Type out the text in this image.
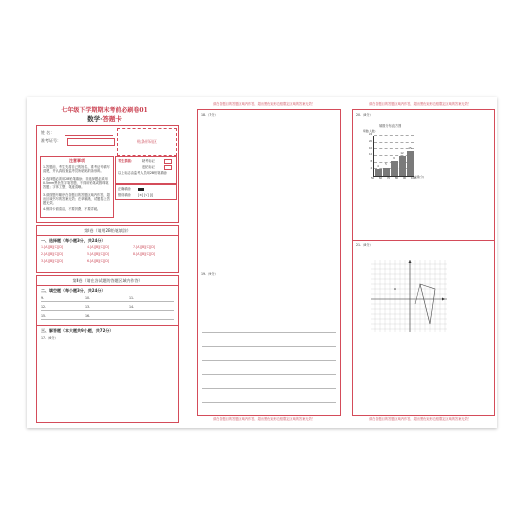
七年级下学期期末考前必刷卷01
数学·答题卡
姓 名：
准考证号：	贴条形码区
注意事项
1.答题前，考生先将自己的姓名，准考证号填写清楚，并认真检查监考员所粘贴的条形码。
2.选择题必须用2B铅笔填涂；非选择题必须用0.5mm黑色签字笔答题，不得用铅笔或圆珠笔答题；字体工整、笔迹清晰。
3.请按题号顺序在各题目的答题区域内作答，超出区域书写的答案无效；在草稿纸、试题卷上答题无效。
4.保持卡面清洁，不要折叠、不要弄破。
考生禁填：	缺考标记
违纪标记
以上标志由监考人员用2B铅笔填涂
正确填涂
错误填涂 [×] [√] [/]
第Ⅰ卷（请用2B铅笔填涂）
一、选择题（每小题3分，共24分）
1.[A][B][C][D]	4.[A][B][C][D]	7.[A][B][C][D]
2.[A][B][C][D]	5.[A][B][C][D]	8.[A][B][C][D]
3.[A][B][C][D]	6.[A][B][C][D]
第Ⅱ卷（请在各试题的答题区域内作答）
二、填空题（每小题3分，共24分）
9.	10.	11.
12.	13.	14.
15.	16.
三、解答题（本大题共9小题，共72分）
17.（6分）
请在各题目的答题区域内作答，超出黑色矩形边框限定区域的答案无效！
18.（7分）
19.（9分）
请在各题目的答题区域内作答，超出黑色矩形边框限定区域的答案无效！
请在各题目的答题区域内作答，超出黑色矩形边框限定区域的答案无效！
20.（8分）
频数分布直方图
频数(人数)
4
5
9
12
15
50 60 70 80 90 100
4
8
12
16
20
24
成绩(分)
21.（8分）
请在各题目的答题区域内作答，超出黑色矩形边框限定区域的答案无效！
